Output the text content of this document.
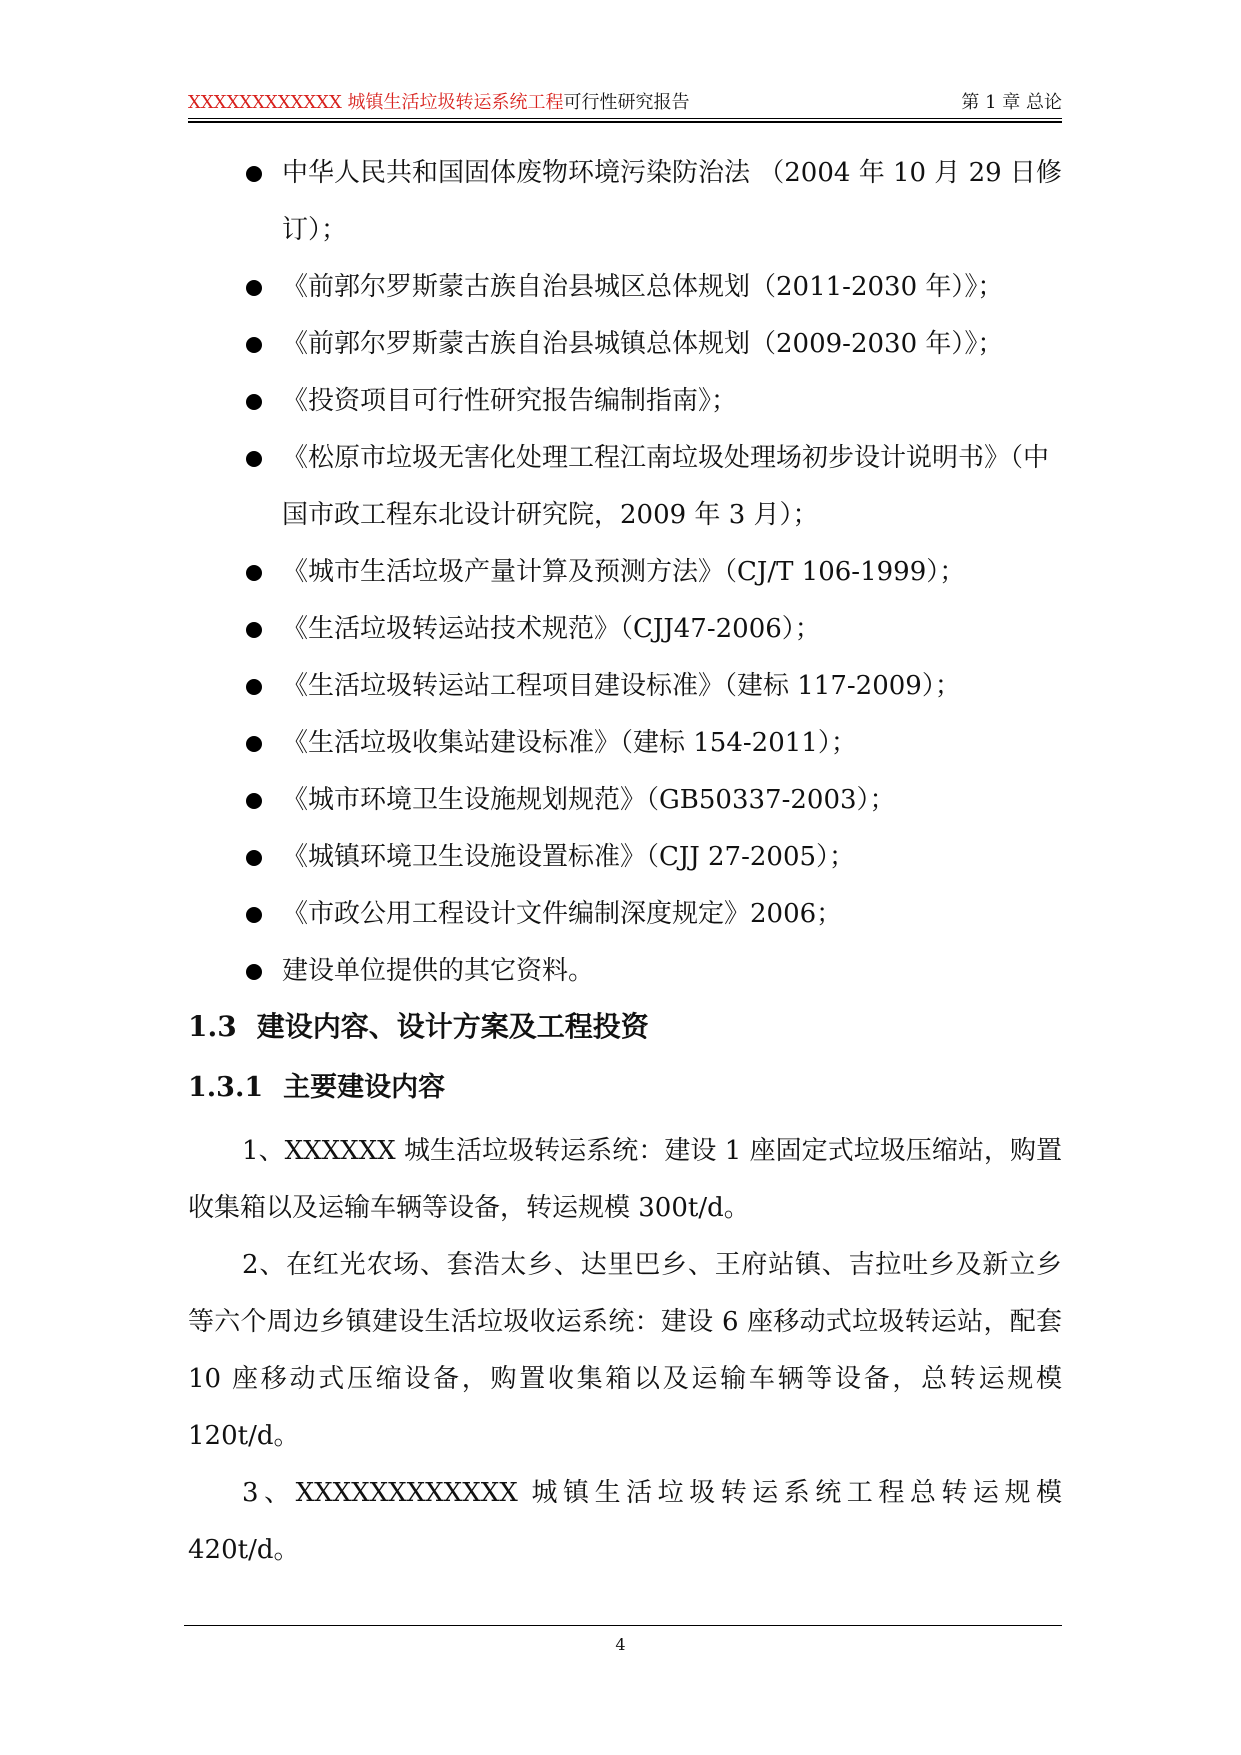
XXXXXXXXXXXX 城镇生活垃圾转运系统工程可行性研究报告	第 1 章 总论
中华人民共和国固体废物环境污染防治法 （2004 年 10 月 29 日修订）；
《前郭尔罗斯蒙古族自治县城区总体规划（2011-2030 年）》；
《前郭尔罗斯蒙古族自治县城镇总体规划（2009-2030 年）》；
《投资项目可行性研究报告编制指南》；
《松原市垃圾无害化处理工程江南垃圾处理场初步设计说明书》（中国市政工程东北设计研究院，2009 年 3 月）；
《城市生活垃圾产量计算及预测方法》（CJ/T 106-1999）；
《生活垃圾转运站技术规范》（CJJ47-2006）；
《生活垃圾转运站工程项目建设标准》（建标 117-2009）；
《生活垃圾收集站建设标准》（建标 154-2011）；
《城市环境卫生设施规划规范》（GB50337-2003）；
《城镇环境卫生设施设置标准》（CJJ 27-2005）；
《市政公用工程设计文件编制深度规定》2006；
建设单位提供的其它资料。
1.3 建设内容、设计方案及工程投资
1.3.1 主要建设内容

1、XXXXXX 城生活垃圾转运系统：建设 1 座固定式垃圾压缩站，购置收集箱以及运输车辆等设备，转运规模 300t/d。

2、在红光农场、套浩太乡、达里巴乡、王府站镇、吉拉吐乡及新立乡等六个周边乡镇建设生活垃圾收运系统：建设 6 座移动式垃圾转运站，配套 10 座移动式压缩设备，购置收集箱以及运输车辆等设备，总转运规模 120t/d。

3、XXXXXXXXXXXX 城镇生活垃圾转运系统工程总转运规模 420t/d。

4
